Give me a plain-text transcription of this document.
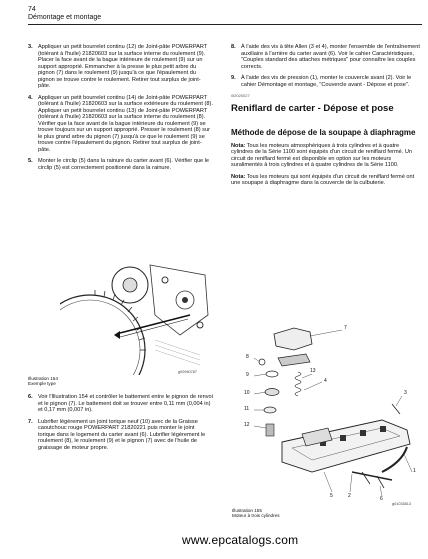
74
Démontage et montage
3. Appliquer un petit bourrelet continu (12) de Joint-pâte POWERPART (tolérant à l'huile) 21820603 sur la surface interne du roulement (9). Placer la face avant de la bague intérieure de roulement (9) sur un support approprié. Emmancher à la presse le plus petit arbre du pignon (7) dans le roulement (9) jusqu'à ce que l'épaulement du pignon se trouve contre le roulement. Retirer tout surplus de joint-pâte.
4. Appliquer un petit bourrelet continu (14) de Joint-pâte POWERPART (tolérant à l'huile) 21820603 sur la surface extérieure du roulement (8). Appliquer un petit bourrelet continu (13) de Joint-pâte POWERPART (tolérant à l'huile) 21820603 sur la surface interne du roulement (8). Vérifier que la face avant de la bague intérieure du roulement (9) se trouve toujours sur un support approprié. Presser le roulement (8) sur le plus grand arbre du pignon (7) jusqu'à ce que le roulement (9) se trouve contre l'épaulement du pignon. Retirer tout surplus de joint-pâte.
5. Monter le circlip (5) dans la rainure du carter avant (6). Vérifier que le circlip (5) est correctement positionné dans la rainure.
g00940787
Illustration 154
Exemple type
6. Voir l'Illustration 154 et contrôler le battement entre le pignon de renvoi et le pignon (7). Le battement doit se trouver entre 0,11 mm (0,004 in) et 0,17 mm (0,007 in).
7. Lubrifier légèrement un joint torique neuf (10) avec de la Graisse caoutchouc rouge POWERPART 21820221 puis monter le joint torique dans le logement du carter avant (6). Lubrifier légèrement le roulement (8), le roulement (9) et le pignon (7) avec de l'huile de graissage de moteur propre.
8. À l'aide des vis à tête Allen (3 et 4), monter l'ensemble de l'entraînement auxiliaire à l'arrière du carter avant (6). Voir le cahier Caractéristiques, "Couples standard des attaches métriques" pour connaître les couples corrects.
9. À l'aide des vis de pression (1), monter le couvercle avant (2). Voir le cahier Démontage et montage, "Couvercle avant - Dépose et pose".
i02020027
Reniflard de carter - Dépose et pose
Méthode de dépose de la soupape à diaphragme
Nota: Tous les moteurs atmosphériques à trois cylindres et à quatre cylindres de la Série 1100 sont équipés d'un circuit de reniflard fermé. Un circuit de reniflard fermé est disponible en option sur les moteurs suralimentés à trois cylindres et à quatre cylindres de la Série 1100.
Nota: Tous les moteurs qui sont équipés d'un circuit de reniflard fermé ont une soupape à diaphragme dans la couvercle de la culbuterie.
7
8
9
13
4
10
11
12
3
5	2	6
1
g01033813
Illustration 155
Moteur à trois cylindres
www.epcatalogs.com
